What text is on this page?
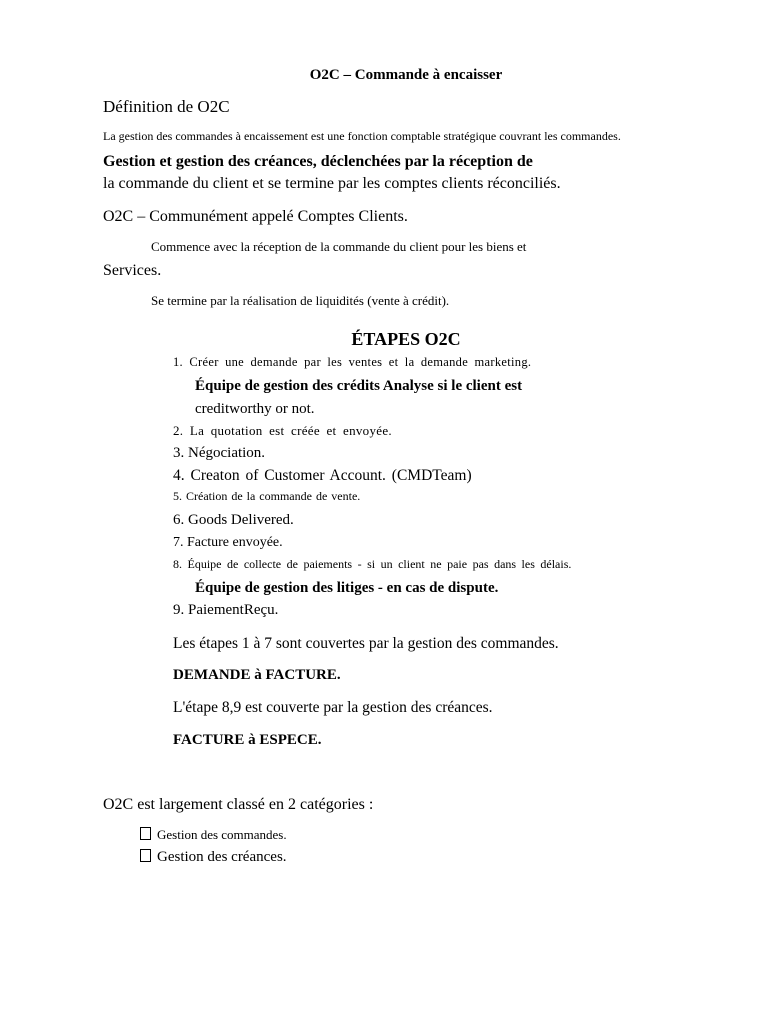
O2C – Commande à encaisser
Définition de O2C
La gestion des commandes à encaissement est une fonction comptable stratégique couvrant les commandes.
Gestion et gestion des créances, déclenchées par la réception de
la commande du client et se termine par les comptes clients réconciliés.
O2C – Communément appelé Comptes Clients.
Commence avec la réception de la commande du client pour les biens et
Services.
Se termine par la réalisation de liquidités (vente à crédit).
ÉTAPES O2C
1. Créer une demande par les ventes et la demande marketing.
Équipe de gestion des crédits Analyse si le client est
creditworthy or not.
2. La quotation est créée et envoyée.
3. Négociation.
4. Creaton of Customer Account. (CMDTeam)
5. Création de la commande de vente.
6. Goods Delivered.
7. Facture envoyée.
8. Équipe de collecte de paiements - si un client ne paie pas dans les délais.
Équipe de gestion des litiges - en cas de dispute.
9. PaiementReçu.
Les étapes 1 à 7 sont couvertes par la gestion des commandes.
DEMANDE à FACTURE.
L'étape 8,9 est couverte par la gestion des créances.
FACTURE à ESPECE.
O2C est largement classé en 2 catégories :
Gestion des commandes.
Gestion des créances.
